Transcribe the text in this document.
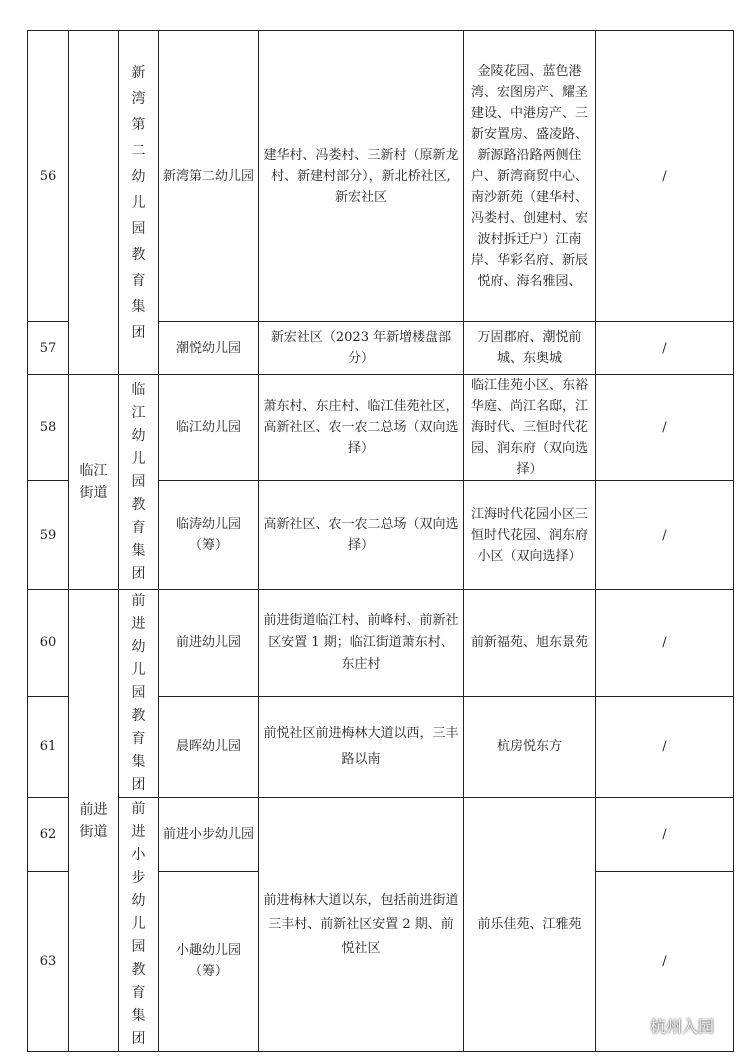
56		新湾第二幼儿园教育集团	新湾第二幼儿园	建华村、冯娄村、三新村（原新龙村、新建村部分），新北桥社区, 新宏社区	金陵花园、蓝色港湾、宏图房产、耀圣建设、中港房产、三新安置房、盛凌路、新源路沿路两侧住户、新湾商贸中心、南沙新苑（建华村、冯娄村、创建村、宏波村拆迁户）江南岸、华彩名府、新辰悦府、海名雅园、	/
57			潮悦幼儿园	新宏社区（2023 年新增楼盘部分）	万固郡府、潮悦前城、东奥城	/
58	临江街道	临江幼儿园教育集团	临江幼儿园	萧东村、东庄村、临江佳苑社区，高新社区、农一农二总场（双向选择）	临江佳苑小区、东裕华庭、尚江名邸，江海时代、三恒时代花园、润东府（双向选择）	/
59			临涛幼儿园（筹）	高新社区、农一农二总场（双向选择）	江海时代花园小区三恒时代花园、润东府小区（双向选择）	/
60	前进街道	前进幼儿园教育集团	前进幼儿园	前进街道临江村、前峰村、前新社区安置 1 期；临江街道萧东村、东庄村	前新福苑、旭东景苑	/
61			晨晖幼儿园	前悦社区前进梅林大道以西，三丰路以南	杭房悦东方	/
62		前进小步幼儿园教育集团	前进小步幼儿园	前进梅林大道以东，包括前进街道三丰村、前新社区安置 2 期、前悦社区	前乐佳苑、江雅苑	/
63			小趣幼儿园（筹）			/
杭州入园
